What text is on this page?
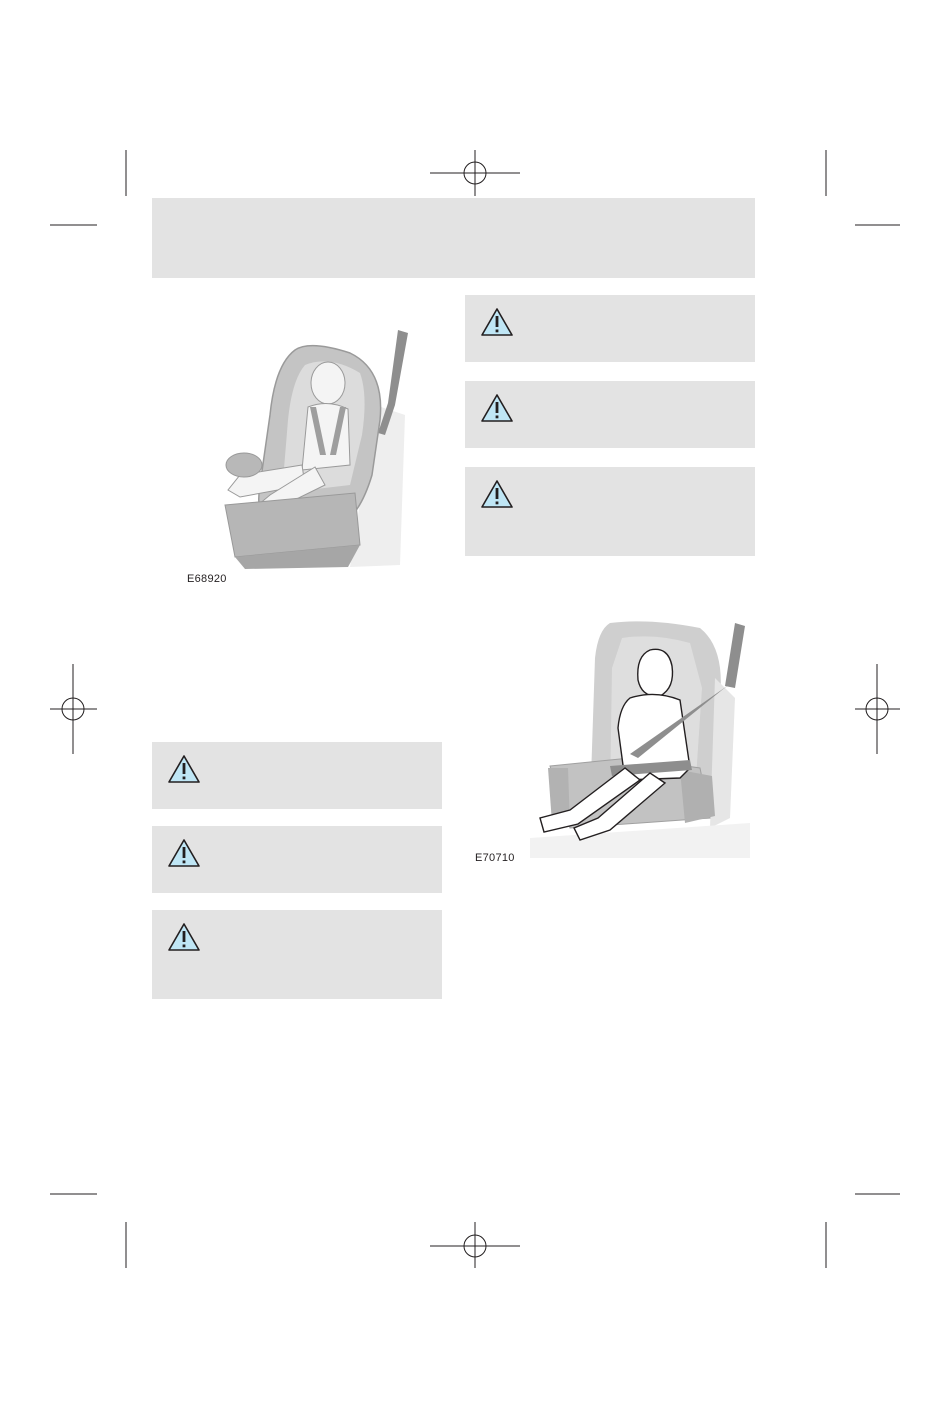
E68920
E70710
